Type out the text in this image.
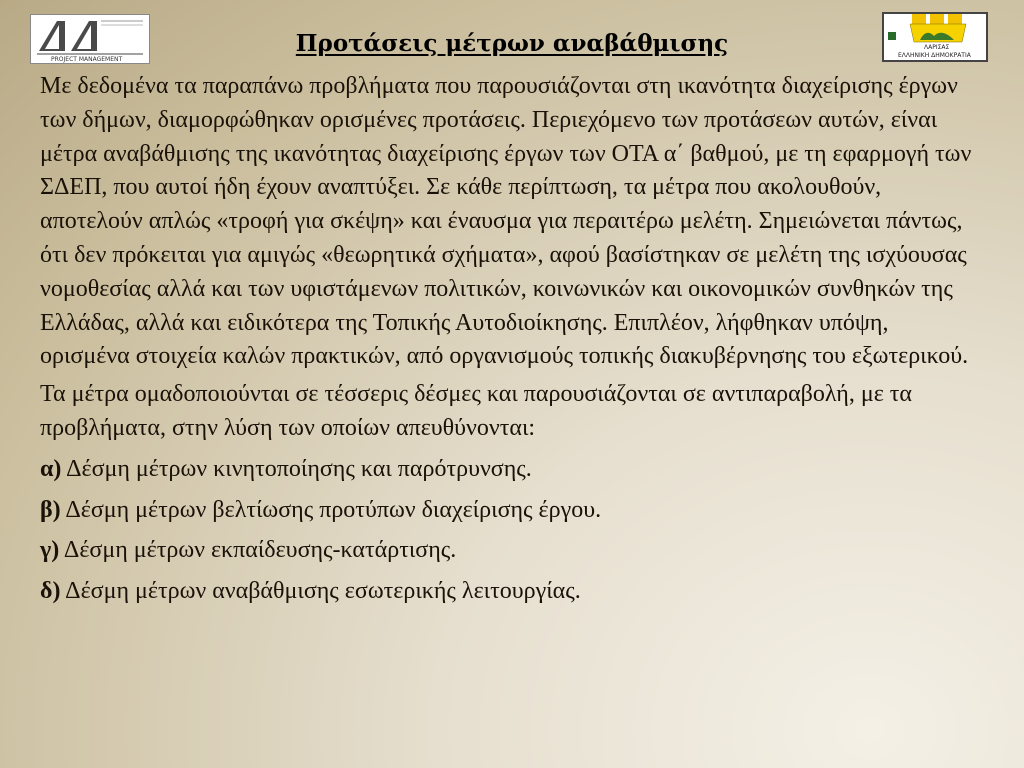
PROJECT MANAGEMENT
ΛΑΡΙΣΑΣ
ΕΛΛΗΝΙΚΗ ΔΗΜΟΚΡΑΤΙΑ
Προτάσεις μέτρων αναβάθμισης

Με δεδομένα τα παραπάνω προβλήματα που παρουσιάζονται στη ικανότητα διαχείρισης έργων των δήμων, διαμορφώθηκαν ορισμένες προτάσεις. Περιεχόμενο των προτάσεων αυτών, είναι μέτρα αναβάθμισης της ικανότητας διαχείρισης έργων των ΟΤΑ α΄ βαθμού, με τη εφαρμογή των ΣΔΕΠ, που αυτοί ήδη έχουν αναπτύξει. Σε κάθε περίπτωση, τα μέτρα που ακολουθούν, αποτελούν απλώς «τροφή για σκέψη» και έναυσμα για περαιτέρω μελέτη. Σημειώνεται πάντως, ότι δεν πρόκειται για αμιγώς «θεωρητικά σχήματα», αφού βασίστηκαν σε μελέτη της ισχύουσας νομοθεσίας αλλά και των υφιστάμενων πολιτικών, κοινωνικών και οικονομικών συνθηκών της Ελλάδας, αλλά και ειδικότερα της Τοπικής Αυτοδιοίκησης. Επιπλέον, λήφθηκαν υπόψη, ορισμένα στοιχεία καλών πρακτικών, από οργανισμούς τοπικής διακυβέρνησης του εξωτερικού.

Τα μέτρα ομαδοποιούνται σε τέσσερις δέσμες και παρουσιάζονται σε αντιπαραβολή, με τα προβλήματα, στην λύση των οποίων απευθύνονται:

α) Δέσμη μέτρων κινητοποίησης και παρότρυνσης.

β) Δέσμη μέτρων βελτίωσης προτύπων διαχείρισης έργου.

γ) Δέσμη μέτρων εκπαίδευσης-κατάρτισης.

δ) Δέσμη μέτρων αναβάθμισης εσωτερικής λειτουργίας.
